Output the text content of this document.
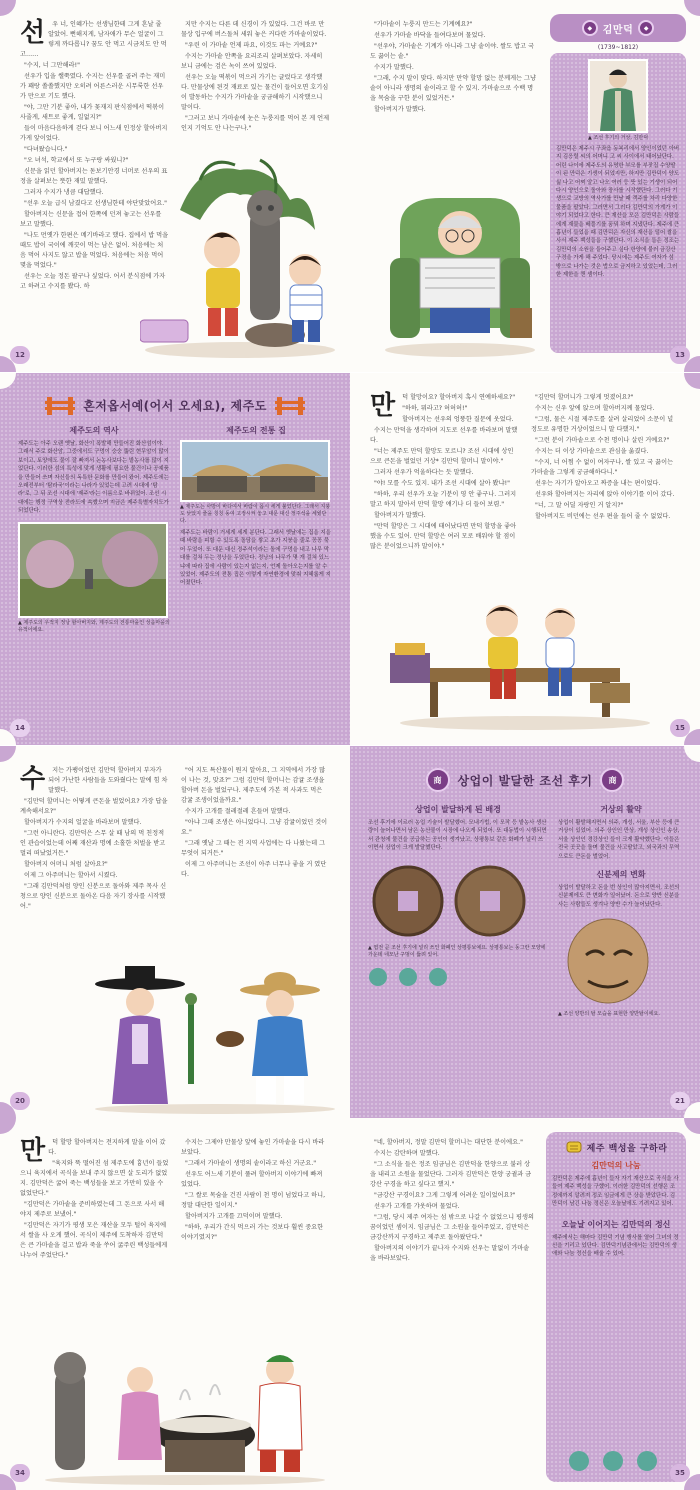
선	우 너, 인혜가는 선생님한테 그게 혼날 줄 알았어. 뻔해지게, 남자애가 무슨 얼굴이 그렇게 까다롭니? 꿈도 안 먹고 시금치도 안 먹고……

"수지, 너 그만해라!"

선우가 입을 쌜쭉였다. 수지는 선우를 골려 주는 재미가 꽤랑 쏠쏠했지만 오히려 어른스러운 시무룩한 선우가 만으로 기도 했다.

"야, 그만 기분 좋아, 내가 꽃재지 판식점에서 떡볶이 사줄게, 새트로 좋게, 일없지?"

들이 마음다음하게 걷다 보니 어느새 인정상 할아버지 가게 앞이었다.

"다녀왔습니다."

"오 녀석, 학교에서 또 누구랑 싸웠니?"

신문을 읽던 할아버지는 돋보기안경 너머로 선우의 표정을 살펴보는 뜻한 재밌 말했다.

그러자 수지가 냉큼 대답했다.

"선우 오늘 급식 남겼다고 선생님한테 야단맞았어요."

할아버지는 신문을 접어 한쪽에 던져 놓고는 선우를 보고 말했다.

"나도 먼옛가 한편은 메기바라고 했다. 집에서 밥 먹을 때도 밥이 국이에 깨끗이 먹는 남은 없어. 처음에는 처음 먹어 사지도 않고 밥을 먹었다. 처음에는 처음 먹어 몇을 먹었다."

선우는 오늘 정돈 팔구나 싶었다. 어서 분식점에 가자고 하려고 수지를 봤다. 하

지만 수지는 다른 데 신경이 가 있었다. 그건 바로 만물상 입구에 버스돌처 세워 놓은 커다란 가마솥이었다.

"우린 이 가마솥 언제 파요, 이것도 파는 거예요?"

수지는 가마솥 안쪽을 요리조리 살펴보았다. 자세히 보니 금에는 검은 녹이 쓰여 있었다.

선우는 오늘 떡볶이 먹으러 가기는 글렀다고 생각했다. 만물상에 된것 재료로 있는 물건이 들어오면 호기심이 발동하는 수지가 가마솥을 궁금해하기 시작했으니 말이다.

"그러고 보니 가마솥에 눈은 누룽지를 먹어 본 게 언제인지 기억도 안 나는구나."

12

"가마솥이 누룽지 만드는 기계예요?"

선우가 가마솥 바닥을 들여다보며 물었다.

"선우야, 가마솥은 기계가 아니라 그냥 솥이야. 쌀도 밥고 국도 끓이는 솥."

수지가 말했다.

"그래, 수지 말이 맞다. 하지만 만약 할망 없는 분께게는 그냥 솥이 아니라 생명의 솥이라고 할 수 있지. 가마솥으로 수백 명을 목숨을 구한 분이 있었거든."

할아버지가 말했다.

◆	김만덕	◆
(1739~1812)
▲ 조선 후기의 거상, 김만덕
김만덕은 제주시 구좌읍 동복리에서 양인이었던 아버지 김응렬 씨의 어머니 고 씨 사이에서 태어났단다. 어린 나이에 제주도의 유명한 부모를 부잣집 수양딸이 된 만덕은 기생이 되었지만, 하지만 김만덕이 양도 싫 나고 어찌 알고 나오 여러 등 뜻 있는 기생이 되어 다시 양인으로 돌아와 장사를 시작했단다. 그러다 기생으로 교방의 역사가를 만날 때 객주를 차리 다양한 물품을 팔았다. 그러면서 그러다 김만덕의 가게가 이야기 되었다고 한다. 큰 재산을 모은 김만덕은 사람들에게 재물을 베풀기를 꿈꿔 하며 지냈단다. 제주에 큰 흉년이 들었을 때 김만덕은 자신의 재산을 털어 쌀을 사서 제주 백성들을 구했단다. 이 소식을 들은 정조는 김만덕의 소원을 들어주고 싶다 한양에 불러 금강산 구경을 가게 해 주었다. 당시에는 제주도 여자가 섬 밖으로 나가는 것은 법으로 금지하고 있었는데, 그러한 제한을 깬 셈이다.
13
혼저옵서예(어서 오세요), 제주도
제주도의 역사
제주도는 아주 오랜 옛날, 화산이 폭발해 만들어진 화산섬이야. 그래서 주로 화산암, 그중에서도 구멍이 숭숭 뚫린 현무암이 많이 보이고, 토양에도 물이 잘 빠져서 논농사보다는 밭농사를 많이 지었단다. 이러한 섬의 특성에 맞게 생활에 필요한 물건이나 공예품을 만들어 쓰며 자신들의 독특한 문화를 만들어 왔어. 제주도에는 오래전부터 '탐라국'이라는 나라가 있었는데 고려 시대에 '탐라'로, 그 뒤 조선 시대에 '제주'라는 이름으로 바뀌었어. 조선 시대에는 행정 구역상 전라도에 속했으며 지금은 제주특별자치도가 되었단다.
▲ 제주도의 우적지 정낭 할아버지와, 제주도의 전통마을인 성읍마을의 유적이에요.
제주도의 전통 집
▲ 제주도는 사방이 바다여서 바람이 몹시 세게 불었단다. 그래서 지붕도 낮았지 줄을 칭칭 동여 고정시켜 놓고 대문 대신 정주석을 세웠단다.
제주도는 바람이 거세게 세게 분단다. 그래서 옛날에는 집을 지을 때 바람을 피할 수 있도록 돌담을 쌓고 초가 지붕을 줄로 꽁꽁 묶어 두었어. 또 대문 대신 정주석이라는 돌에 구멍을 내고 나무 막대를 걸쳐 두는 정낭을 두었단다. 정낭의 나무가 몇 개 걸쳐 있느냐에 따라 집에 사람이 있는지 없는지, 언제 돌아오는지를 알 수 있었어. 제주도의 전통 집은 이렇게 자연환경에 맞춰 지혜롭게 지어졌단다.
14
만	덕 할망이요? 할아버지 혹시 연예하세요?"

"하하, 뭐라고? 허허허!"

할아버지는 선우의 엉뚱한 질문에 웃었다.

수지는 만덕을 생각하며 지도로 선우를 바라보며 말했다.

"너는 제주도 만덕 할망도 모르니? 조선 시대에 상인으로 큰돈을 벌었던 거상* 김만덕 할머니 말이야."

그러자 선우가 억울하다는 듯 말했다.

"야! 모를 수도 있지. 내가 조선 시대에 살아 봤냐!"

"하하, 우리 선우가 오늘 기분이 영 안 좋구나. 그러지 말고 하지 말아서 만덕 할망 얘기나 더 들어 보렴."

할아버지가 말했다.

"만덕 할망은 그 시대에 태어났다면 만덕 할망을 좋아했을 수도 있어. 만덕 할망은 여러 모로 배워야 할 점이 많은 분이었으니까 말이야."

"김만덕 할머니가 그렇게 멋졌어요?"

수지는 신우 앞에 앉으며 할아버지께 물었다.

"그럼, 물은 시절 제주도를 살려 살리었어 소문이 널 정도로 유명한 거상이었으니 말 다했지."

"그런 분이 가마솥으로 수천 명이나 살린 거예요?"

수지는 더 이상 가마솥으로 관심을 옮겼다.

"수지, 너 어쩜 수 없이 여자구나, 쌀 있고 국 끓이는 가마솥을 그렇게 궁금해하다니."

선우는 자기가 알아오고 짜증을 내는 편이었다.

선우와 할아버지는 자리에 앉아 이야기를 이어 갔다.

"너, 그 말 어딜 자랑인 거 알지?"

할아버지도 비던에는 선우 편을 들어 줄 수 없었다.

15
수	지는 가팽이었던 김만덕 할아버지 부자가 되어 가난한 사람들을 도와줬다는 말에 힘 차 말했다.

"김만덕 할머니는 어떻게 큰돈을 벌었어요? 가장 답을 계속해서요?"

할아버지가 수지의 얼굴을 바라보며 말했다.

"그런 아니란다. 김만덕은 스무 살 때 남의 먹 친정적인 관습이었는데 어째 재산과 명예 소홀한 처벌을 받고 멀리 떠났었거든."

할아버지 어머니 처럼 살아요?"

이제 그 아주머니는 할아서 시켰다.

"그래 김만덕처럼 양인 신분으로 돌아와 제주 목사 신청으로 양인 신분으로 돌아온 다음 자기 장사를 시작했어."

"어 지도 특산물이 뭔지 알아요, 그 지역에서 가장 많이 나는 것, 맞죠?" 그럼 김만덕 할머니는 감귤 조생을 할아버 돈을 벌었구나. 제주도에 가본 적 사과도 먹은 감귤 조생이었을까요."

수지가 고개를 절레절레 흔들며 말했다.

"아냐 그때 조생은 아니었다니. 그냥 감귤이었던 것이요."

"그래 옛날 그 때는 전 지역 사업에는 다 나왔는데 그 무엇이 되거든."

이제 그 아주머니는 조선이 아주 너무나 좋을 거 였단다.

20
商	상업이 발달한 조선 후기	商
상업이 발달하게 된 배경
조선 후기에 이르러 농업 기술이 발달했어. 모내기법, 이 모작 등 밭농사 생산량이 늘어나면서 남은 농산물이 시장에 나오게 되었어. 또 대동법이 시행되면서 관청에 물건을 공급하는 공인이 생겨났고, 상평통보 같은 화폐가 널리 쓰이면서 상업이 크게 발달했단다.
▲ 엽전 곧 조선 후기에 널리 쓰인 화폐인 상평통보예요. 상평통보는 동그란 모양에 가운데 네모난 구멍이 뚫려 있어.
거상의 활약
상업이 활발해지면서 의주, 개성, 서울, 부산 등에 큰 거상이 있었어. 의주 상인인 만상, 개성 상인인 송상, 서울 상인인 경강상인 들이 크게 활약했단다. 이들은 전국 곳곳을 돌며 물건을 사고팔았고, 외국과의 무역으로도 큰돈을 벌었어.
신분제의 변화
상업이 발달하고 돈을 번 상인이 많아지면서, 조선의 신분제에도 큰 변화가 일어났어. 돈으로 양반 신분을 사는 사람들도 생겨나 양반 수가 늘어났단다.
▲ 조선 양반의 탈 모습을 표현한 양반탈이에요.
21
만	덕 할망 할아버지는 전지하게 말을 이어 갔다.

"육지와 뚝 떨어진 섬 제주도에 흉년이 들었으니 육지에서 곡식을 보내 주지 않으면 살 도리가 없었지. 김만덕은 굶어 죽는 백성들을 보고 가만히 있을 수 없었단다."

"김만덕은 가마솥을 준비하였는데 그 돈으로 사서 해야지 제주로 보냈어."

"김만덕은 자기가 평생 모은 재산을 모두 털어 육지에서 쌀을 사 오게 했어. 곡식이 제주에 도착하자 김만덕은 큰 가마솥을 걸고 밥과 죽을 쑤어 굶주린 백성들에게 나누어 주었단다."

수지는 그제야 만물상 앞에 놓인 가마솥을 다시 바라보았다.

"그래서 가마솥이 생명의 솥이라고 하신 거군요."

선우도 어느새 기분이 풀려 할아버지 이야기에 빠져 있었다.

"그 쌀로 목숨을 건진 사람이 천 명이 넘었다고 하니, 정말 대단한 일이지."

할아버지가 고개를 끄덕이며 말했다.

"하하, 우리가 간식 먹으러 가는 것보다 훨씬 중요한 이야기였지?"

34

"네, 할아버지, 정말 김만덕 할머니는 대단한 분이에요."

수지는 감탄하며 말했다.

"그 소식을 들은 정조 임금님은 김만덕을 한양으로 불러 상을 내리고 소원을 물었단다. 그러자 김만덕은 한양 궁궐과 금강산 구경을 하고 싶다고 했지."

"금강산 구경이요? 그게 그렇게 어려운 일이었어요?"

선우가 고개를 갸웃하며 물었다.

"그럼, 당시 제주 여자는 섬 밖으로 나갈 수 없었으니 평생의 꿈이었던 셈이지. 임금님은 그 소원을 들어주었고, 김만덕은 금강산까지 구경하고 제주로 돌아왔단다."

할아버지의 이야기가 끝나자 수지와 선우는 말없이 가마솥을 바라보았다.

제주 백성을 구하라
김만덕의 나눔
김만덕은 제주에 흉년이 들자 자기 재산으로 곡식을 사 들여 제주 백성을 구했어. 이러한 김만덕의 선행은 조정에까지 알려져 정조 임금에게 큰 상을 받았단다. 김만덕이 남긴 나눔 정신은 오늘날에도 기려지고 있어.
오늘날 이어지는 김만덕의 정신
제주에서는 해마다 김만덕 기념 행사를 열어 그녀의 정신을 기리고 있단다. 김만덕기념관에서는 김만덕의 생애와 나눔 정신을 배울 수 있어.
35
